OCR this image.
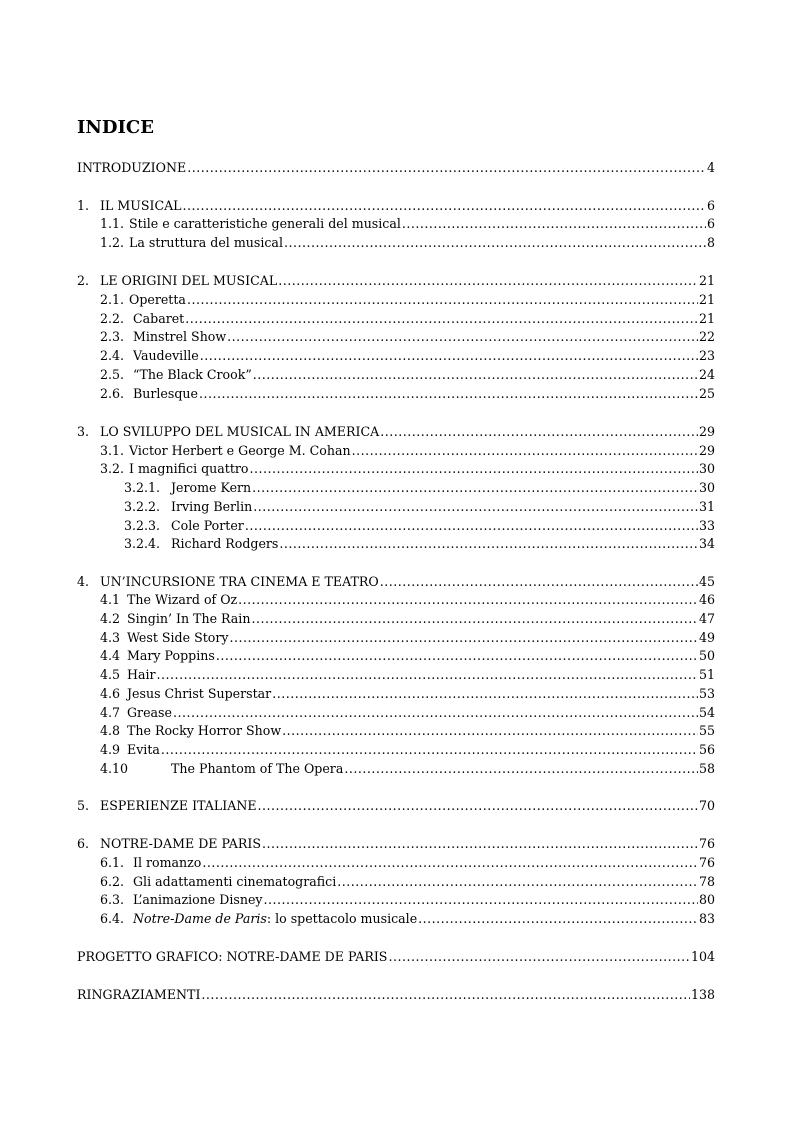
INDICE
INTRODUZIONE .....	4
1. IL MUSICAL .....	6
1.1. Stile e caratteristiche generali del musical .....	6
1.2. La struttura del musical .....	8
2. LE ORIGINI DEL MUSICAL .....	21
2.1. Operetta .....	21
2.2. Cabaret .....	21
2.3. Minstrel Show .....	22
2.4. Vaudeville .....	23
2.5. “The Black Crook” .....	24
2.6. Burlesque .....	25
3. LO SVILUPPO DEL MUSICAL IN AMERICA .....	29
3.1. Victor Herbert e George M. Cohan .....	29
3.2. I magnifici quattro .....	30
3.2.1. Jerome Kern .....	30
3.2.2. Irving Berlin .....	31
3.2.3. Cole Porter .....	33
3.2.4. Richard Rodgers .....	34
4. UN’INCURSIONE TRA CINEMA E TEATRO .....	45
4.1 The Wizard of Oz .....	46
4.2 Singin’ In The Rain .....	47
4.3 West Side Story .....	49
4.4 Mary Poppins .....	50
4.5 Hair .....	51
4.6 Jesus Christ Superstar .....	53
4.7 Grease .....	54
4.8 The Rocky Horror Show .....	55
4.9 Evita .....	56
4.10	The Phantom of The Opera .....	58
5. ESPERIENZE ITALIANE .....	70
6. NOTRE-DAME DE PARIS .....	76
6.1. Il romanzo .....	76
6.2. Gli adattamenti cinematografici .....	78
6.3. L’animazione Disney .....	80
6.4. Notre-Dame de Paris: lo spettacolo musicale .....	83
PROGETTO GRAFICO: NOTRE-DAME DE PARIS .....	104
RINGRAZIAMENTI .....	138
